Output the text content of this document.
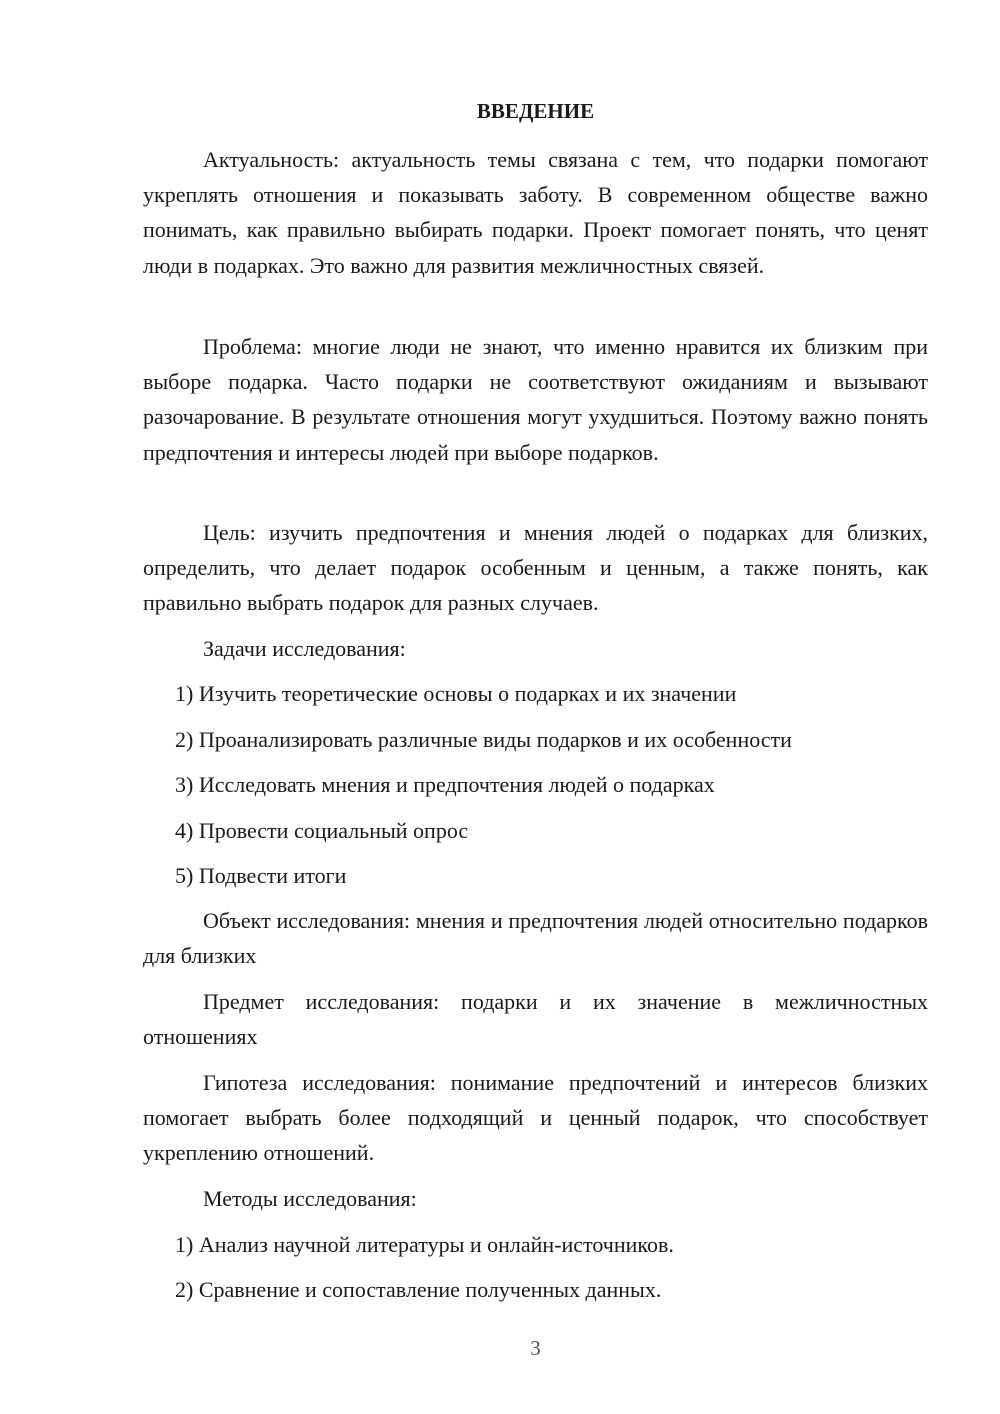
ВВЕДЕНИЕ

Актуальность: актуальность темы связана с тем, что подарки помогают укреплять отношения и показывать заботу. В современном обществе важно понимать, как правильно выбирать подарки. Проект помогает понять, что ценят люди в подарках. Это важно для развития межличностных связей.

Проблема: многие люди не знают, что именно нравится их близким при выборе подарка. Часто подарки не соответствуют ожиданиям и вызывают разочарование. В результате отношения могут ухудшиться. Поэтому важно понять предпочтения и интересы людей при выборе подарков.

Цель: изучить предпочтения и мнения людей о подарках для близких, определить, что делает подарок особенным и ценным, а также понять, как правильно выбрать подарок для разных случаев.

Задачи исследования:

1) Изучить теоретические основы о подарках и их значении

2) Проанализировать различные виды подарков и их особенности

3) Исследовать мнения и предпочтения людей о подарках

4) Провести социальный опрос

5) Подвести итоги

Объект исследования: мнения и предпочтения людей относительно подарков для близких

Предмет исследования: подарки и их значение в межличностных отношениях

Гипотеза исследования: понимание предпочтений и интересов близких помогает выбрать более подходящий и ценный подарок, что способствует укреплению отношений.

Методы исследования:

1) Анализ научной литературы и онлайн-источников.

2) Сравнение и сопоставление полученных данных.

3
